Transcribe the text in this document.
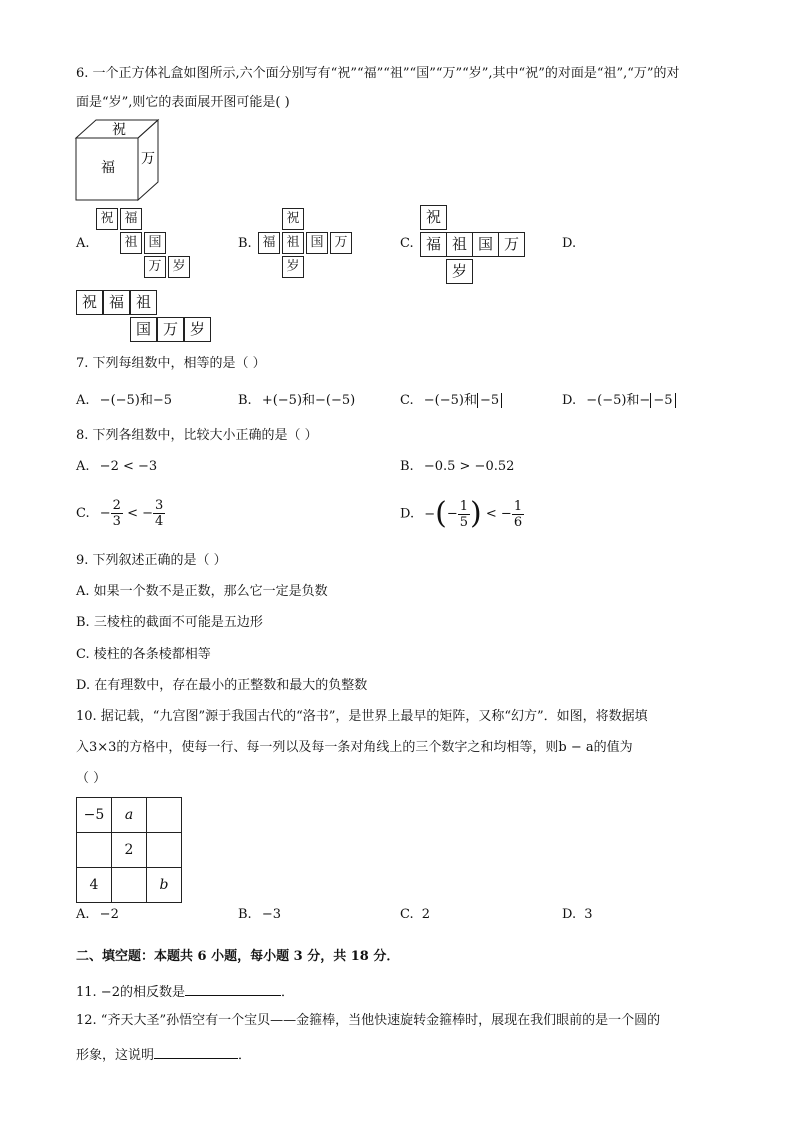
6. 一个正方体礼盒如图所示,六个面分别写有“祝”“福”“祖”“国”“万”“岁”,其中“祝”的对面是“祖”,“万”的对
面是“岁”,则它的表面展开图可能是( )
祝
福
万
A.
祝 福
祖 国
万 岁
B.
祝
福 祖 国 万
岁
C.
祝
福 祖 国 万
岁
D.
祝 福 祖
国 万 岁
7. 下列每组数中，相等的是（ ）
A. −(−5)和−5	B. +(−5)和−(−5)	C. −(−5)和 −5	D. −(−5)和− −5
8. 下列各组数中，比较大小正确的是（ ）
A. −2 < −3	B. −0.5 > −0.52
C. − $\frac{2}{3}$ < − $\frac{3}{4}$	D. −(− $\frac{1}{5}$ ) < − $\frac{1}{6}$
9. 下列叙述正确的是（ ）
A. 如果一个数不是正数，那么它一定是负数
B. 三棱柱的截面不可能是五边形
C. 棱柱的各条棱都相等
D. 在有理数中，存在最小的正整数和最大的负整数
10. 据记载，“九宫图”源于我国古代的“洛书”，是世界上最早的矩阵，又称“幻方”．如图，将数据填
入3×3的方格中，使每一行、每一列以及每一条对角线上的三个数字之和均相等，则b − a的值为
（ ）
−5	a	
	2	
4		b
A. −2	B. −3	C. 2	D. 3
二、填空题：本题共 6 小题，每小题 3 分，共 18 分．
11. −2的相反数是	．
12. “齐天大圣”孙悟空有一个宝贝——金箍棒，当他快速旋转金箍棒时，展现在我们眼前的是一个圆的
形象，这说明	．
